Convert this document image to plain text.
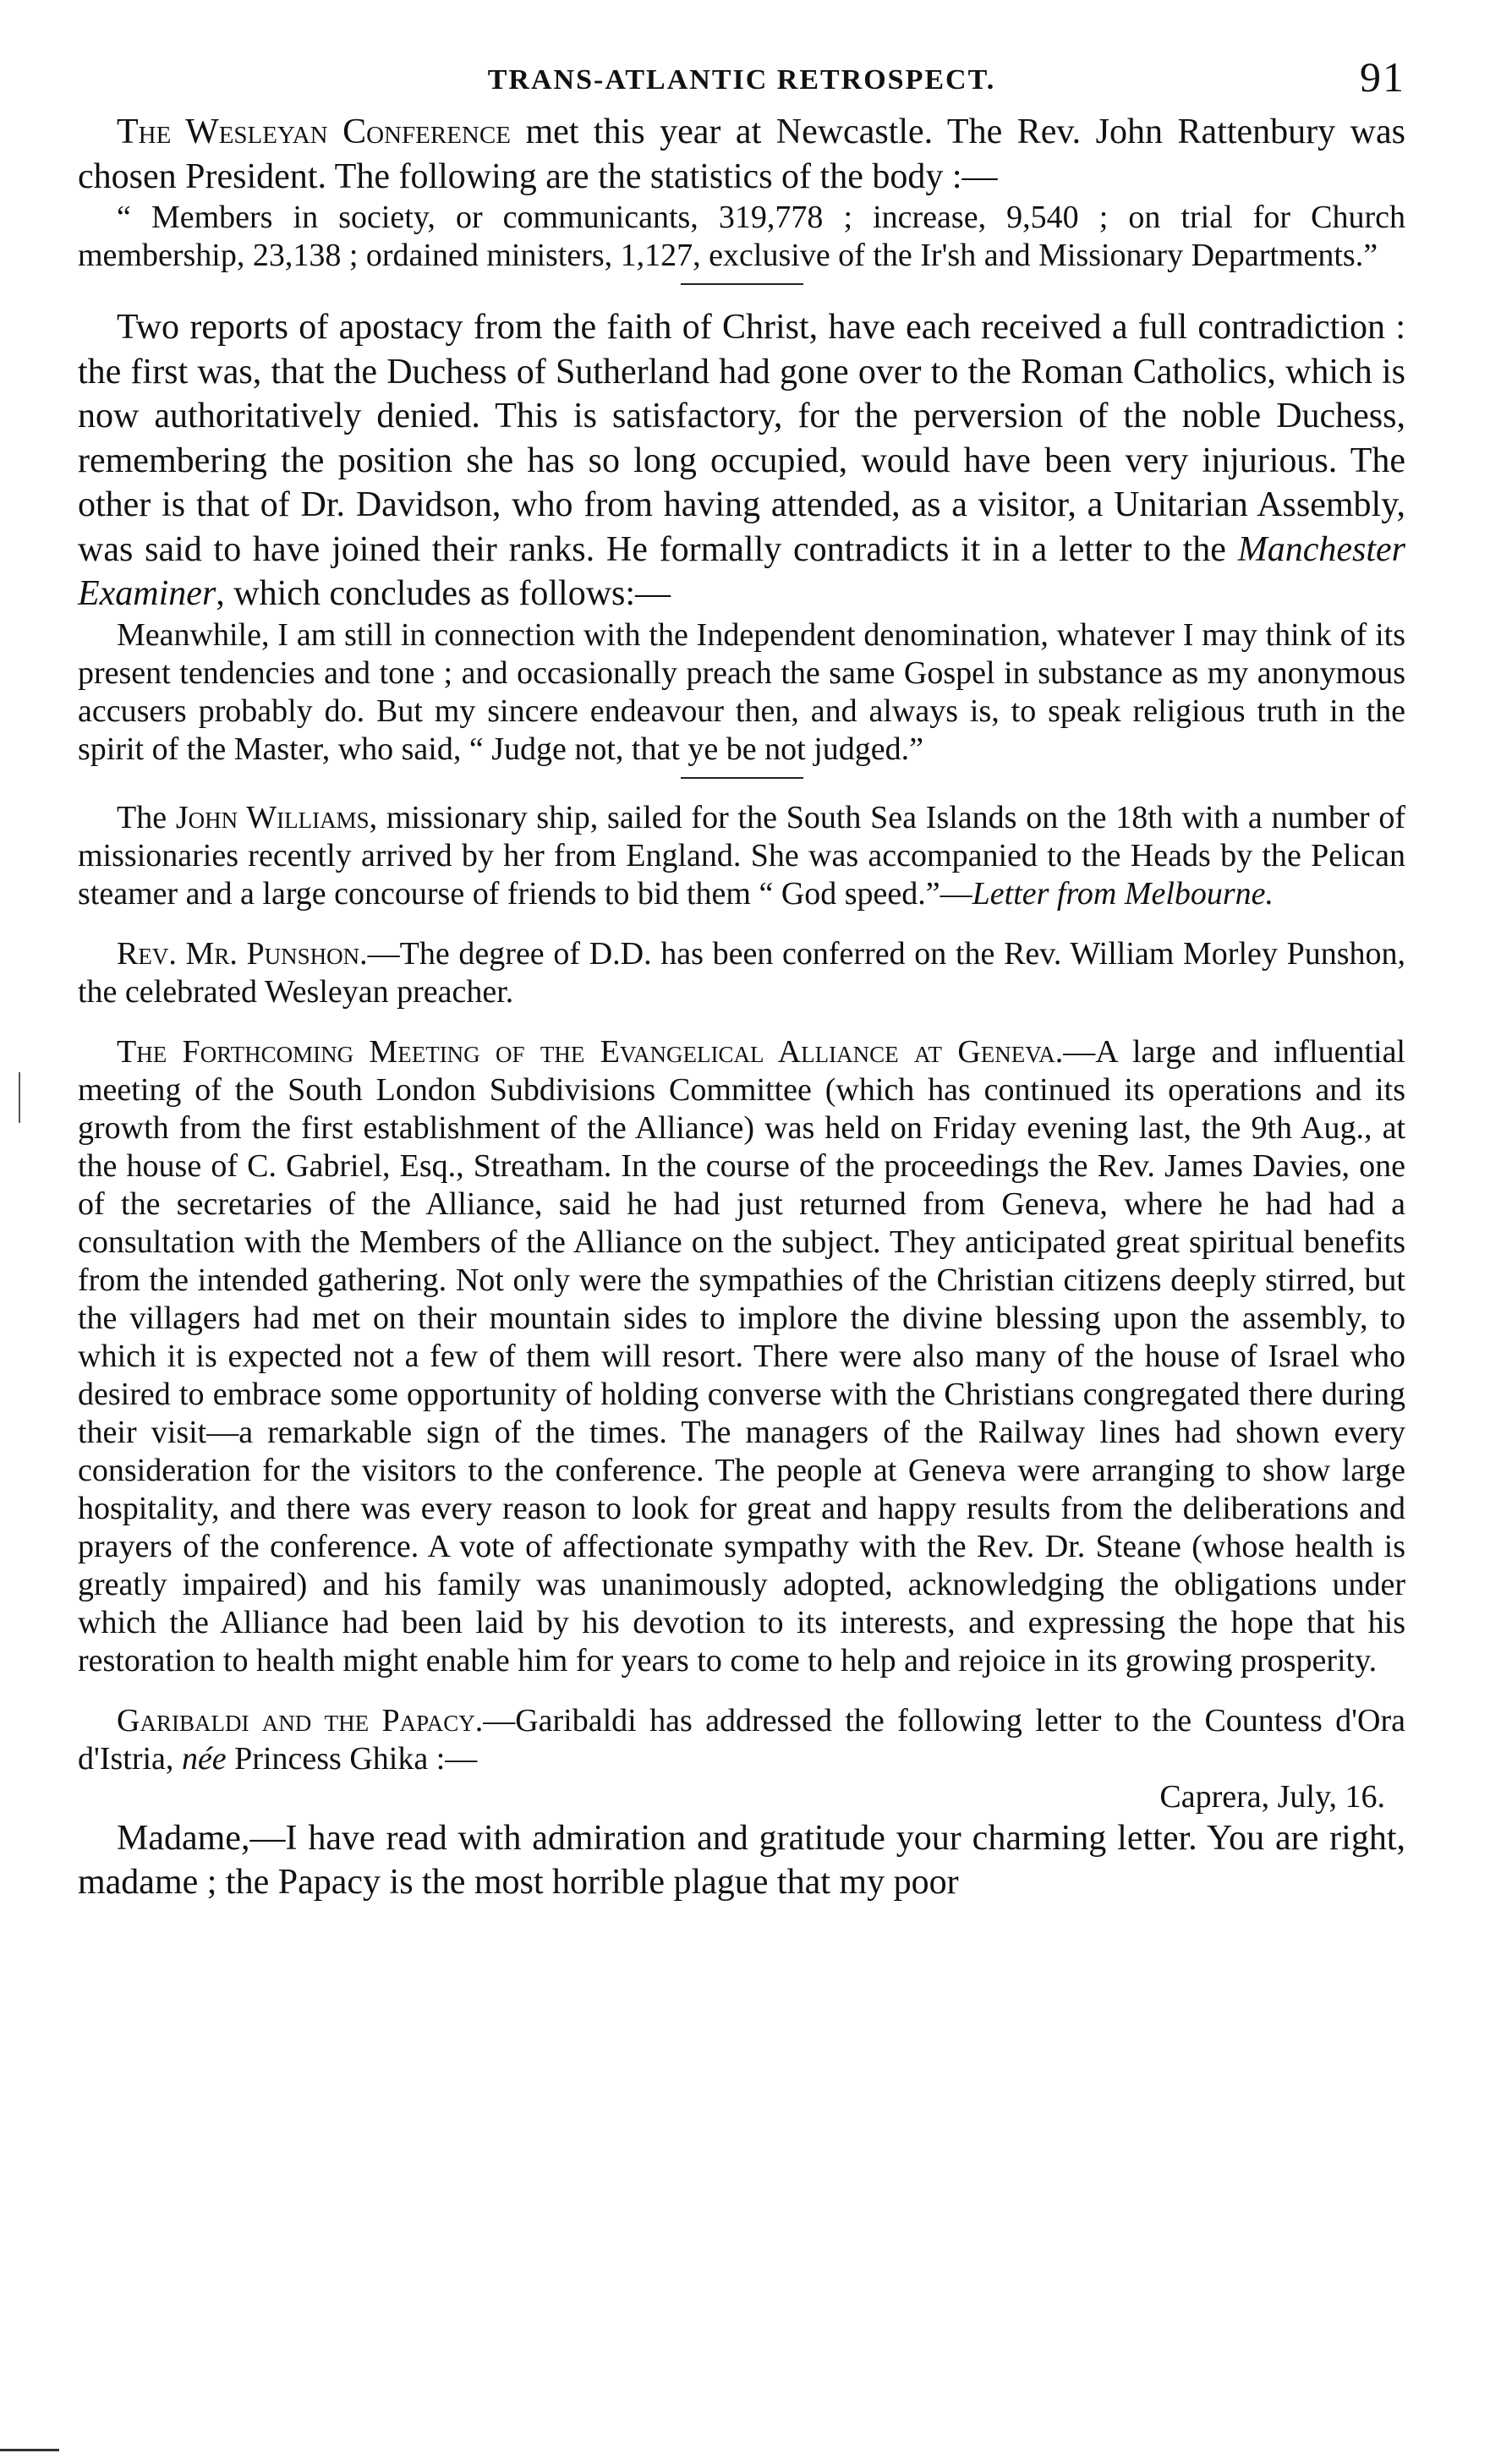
TRANS-ATLANTIC RETROSPECT.	91

The Wesleyan Conference met this year at Newcastle. The Rev. John Rattenbury was chosen President. The following are the statistics of the body :—

“ Members in society, or communicants, 319,778 ; increase, 9,540 ; on trial for Church membership, 23,138 ; ordained ministers, 1,127, exclusive of the Ir'sh and Missionary Departments.”

Two reports of apostacy from the faith of Christ, have each received a full contradiction : the first was, that the Duchess of Sutherland had gone over to the Roman Catholics, which is now authoritatively denied. This is satisfactory, for the perversion of the noble Duchess, remembering the position she has so long occupied, would have been very injurious. The other is that of Dr. Davidson, who from having attended, as a visitor, a Unitarian Assembly, was said to have joined their ranks. He formally contradicts it in a letter to the Manchester Examiner, which concludes as follows:—

Meanwhile, I am still in connection with the Independent denomination, whatever I may think of its present tendencies and tone ; and occasionally preach the same Gospel in substance as my anonymous accusers probably do. But my sincere endeavour then, and always is, to speak religious truth in the spirit of the Master, who said, “ Judge not, that ye be not judged.”

The John Williams, missionary ship, sailed for the South Sea Islands on the 18th with a number of missionaries recently arrived by her from England. She was accompanied to the Heads by the Pelican steamer and a large concourse of friends to bid them “ God speed.”—Letter from Melbourne.

Rev. Mr. Punshon.—The degree of D.D. has been conferred on the Rev. William Morley Punshon, the celebrated Wesleyan preacher.

The Forthcoming Meeting of the Evangelical Alliance at Geneva.—A large and influential meeting of the South London Subdivisions Committee (which has continued its operations and its growth from the first establishment of the Alliance) was held on Friday evening last, the 9th Aug., at the house of C. Gabriel, Esq., Streatham. In the course of the proceedings the Rev. James Davies, one of the secretaries of the Alliance, said he had just returned from Geneva, where he had had a consultation with the Members of the Alliance on the subject. They anticipated great spiritual benefits from the intended gathering. Not only were the sympathies of the Christian citizens deeply stirred, but the villagers had met on their mountain sides to implore the divine blessing upon the assembly, to which it is expected not a few of them will resort. There were also many of the house of Israel who desired to embrace some opportunity of holding converse with the Christians congregated there during their visit—a remarkable sign of the times. The managers of the Railway lines had shown every consideration for the visitors to the conference. The people at Geneva were arranging to show large hospitality, and there was every reason to look for great and happy results from the deliberations and prayers of the conference. A vote of affectionate sympathy with the Rev. Dr. Steane (whose health is greatly impaired) and his family was unanimously adopted, acknowledging the obligations under which the Alliance had been laid by his devotion to its interests, and expressing the hope that his restoration to health might enable him for years to come to help and rejoice in its growing prosperity.

Garibaldi and the Papacy.—Garibaldi has addressed the following letter to the Countess d'Ora d'Istria, née Princess Ghika :—

Caprera, July, 16.

Madame,—I have read with admiration and gratitude your charming letter. You are right, madame ; the Papacy is the most horrible plague that my poor
